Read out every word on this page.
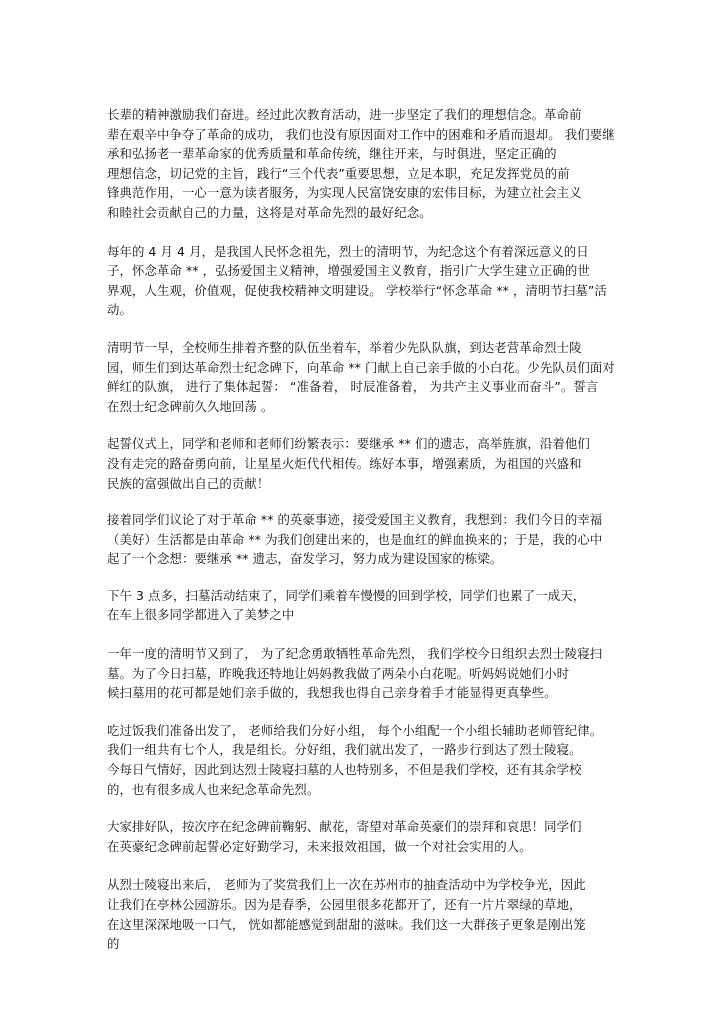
长辈的精神激励我们奋进。经过此次教育活动，进一步坚定了我们的理想信念。革命前
辈在艰辛中争夺了革命的成功， 我们也没有原因面对工作中的困难和矛盾而退却。 我们要继
承和弘扬老一辈革命家的优秀质量和革命传统，继往开来，与时俱进，坚定正确的
理想信念，切记党的主旨，践行“三个代表”重要思想，立足本职，充足发挥党员的前
锋典范作用，一心一意为读者服务，为实现人民富饶安康的宏伟目标，为建立社会主义
和睦社会贡献自己的力量，这将是对革命先烈的最好纪念。
每年的 4 月 4 月，是我国人民怀念祖先，烈士的清明节，为纪念这个有着深远意义的日
子，怀念革命 ** ，弘扬爱国主义精神，增强爱国主义教育，指引广大学生建立正确的世
界观，人生观，价值观，促使我校精神文明建设。 学校举行“怀念革命 ** ，清明节扫墓”活
动。
清明节一早，全校师生排着齐整的队伍坐着车，举着少先队队旗，到达老营革命烈士陵
园，师生们到达革命烈士纪念碑下，向革命 ** 门献上自己亲手做的小白花。少先队员们面对
鲜红的队旗， 进行了集体起誓： “准备着， 时辰准备着， 为共产主义事业而奋斗”。誓言
在烈士纪念碑前久久地回荡 。
起誓仪式上，同学和老师和老师们纷繁表示：要继承 ** 们的遗志，高举旌旗，沿着他们
没有走完的路奋勇向前，让星星火炬代代相传。练好本事，增强素质，为祖国的兴盛和
民族的富强做出自己的贡献！
接着同学们议论了对于革命 ** 的英豪事迹，接受爱国主义教育，我想到：我们今日的幸福
（美好）生活都是由革命 ** 为我们创建出来的，也是血红的鲜血换来的；于是，我的心中
起了一个念想：要继承 ** 遗志，奋发学习，努力成为建设国家的栋梁。
下午 3 点多，扫墓活动结束了，同学们乘着车慢慢的回到学校，同学们也累了一成天，
在车上很多同学都进入了美梦之中
一年一度的清明节又到了， 为了纪念勇敢牺牲革命先烈， 我们学校今日组织去烈士陵寝扫
墓。为了今日扫墓，昨晚我还特地让妈妈教我做了两朵小白花呢。听妈妈说她们小时
候扫墓用的花可都是她们亲手做的，我想我也得自己亲身着手才能显得更真挚些。
吃过饭我们准备出发了， 老师给我们分好小组， 每个小组配一个小组长辅助老师管纪律。
我们一组共有七个人，我是组长。分好组，我们就出发了，一路步行到达了烈士陵寝。
今每日气情好，因此到达烈士陵寝扫墓的人也特别多，不但是我们学校，还有其余学校
的，也有很多成人也来纪念革命先烈。
大家排好队，按次序在纪念碑前鞠躬、献花，寄望对革命英豪们的崇拜和哀思！同学们
在英豪纪念碑前起誓必定好勤学习，未来报效祖国，做一个对社会实用的人。
从烈士陵寝出来后， 老师为了奖赏我们上一次在苏州市的抽查活动中为学校争光，因此
让我们在亭林公园游乐。因为是春季，公园里很多花都开了，还有一片片翠绿的草地，
在这里深深地吸一口气， 恍如都能感觉到甜甜的滋味。我们这一大群孩子更象是刚出笼
的
